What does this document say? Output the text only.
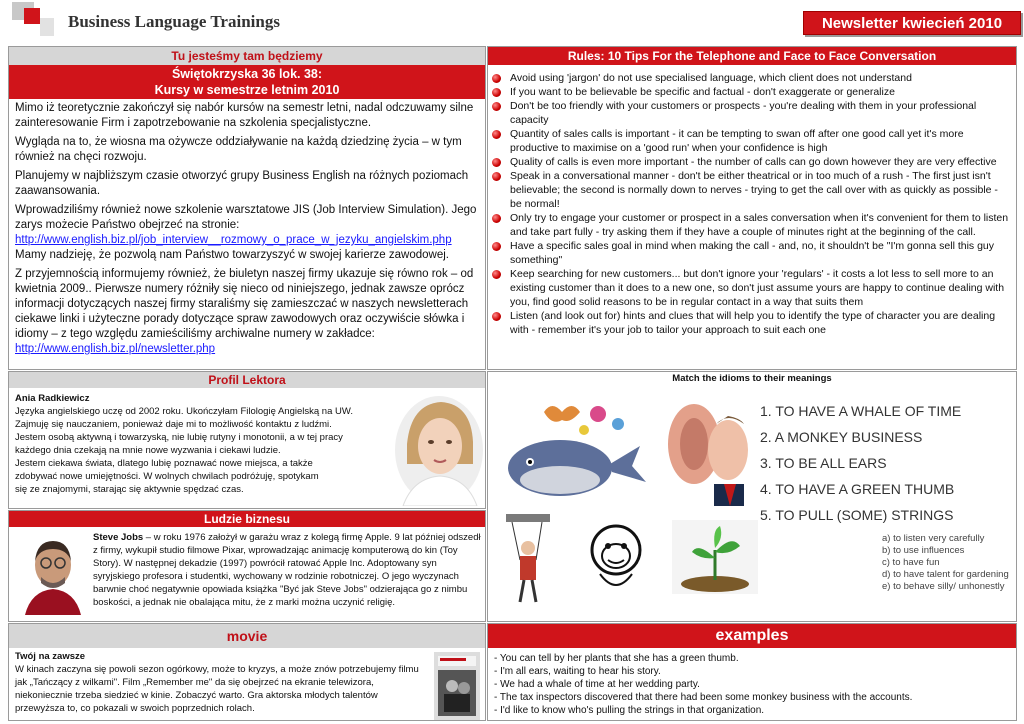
Business Language Trainings	Newsletter kwiecień 2010
Tu jesteśmy tam będziemy
Świętokrzyska 36 lok. 38:
Kursy w semestrze letnim 2010

Mimo iż teoretycznie zakończył się nabór kursów na semestr letni, nadal odczuwamy silne zainteresowanie Firm i zapotrzebowanie na szkolenia specjalistyczne.

Wygląda na to, że wiosna ma ożywcze oddziaływanie na każdą dziedzinę życia – w tym również na chęci rozwoju.

Planujemy w najbliższym czasie otworzyć grupy Business English na różnych poziomach zaawansowania.

Wprowadziliśmy również nowe szkolenie warsztatowe JIS (Job Interview Simulation). Jego zarys możecie Państwo obejrzeć na stronie:
http://www.english.biz.pl/job_interview__rozmowy_o_prace_w_jezyku_angielskim.php
Mamy nadzieję, że pozwolą nam Państwo towarzyszyć w swojej karierze zawodowej.

Z przyjemnością informujemy również, że biuletyn naszej firmy ukazuje się równo rok – od kwietnia 2009.. Pierwsze numery różniły się nieco od niniejszego, jednak zawsze oprócz informacji dotyczących naszej firmy staraliśmy się zamieszczać w naszych newsletterach ciekawe linki i użyteczne porady dotyczące spraw zawodowych oraz oczywiście słówka i idiomy – z tego względu zamieściliśmy archiwalne numery w zakładce: http://www.english.biz.pl/newsletter.php

Rules: 10 Tips For the Telephone and Face to Face Conversation
Avoid using 'jargon' do not use specialised language, which client does not understand
If you want to be believable be specific and factual - don't exaggerate or generalize
Don't be too friendly with your customers or prospects - you're dealing with them in your professional capacity
Quantity of sales calls is important - it can be tempting to swan off after one good call yet it's more productive to maximise on a 'good run' when your confidence is high
Quality of calls is even more important - the number of calls can go down however they are very effective
Speak in a conversational manner - don't be either theatrical or in too much of a rush - The first just isn't believable; the second is normally down to nerves - trying to get the call over with as quickly as possible - be normal!
Only try to engage your customer or prospect in a sales conversation when it's convenient for them to listen and take part fully - try asking them if they have a couple of minutes right at the beginning of the call.
Have a specific sales goal in mind when making the call - and, no, it shouldn't be "I'm gonna sell this guy something"
Keep searching for new customers... but don't ignore your 'regulars' - it costs a lot less to sell more to an existing customer than it does to a new one, so don't just assume yours are happy to continue dealing with you, find good solid reasons to be in regular contact in a way that suits them
Listen (and look out for) hints and clues that will help you to identify the type of character you are dealing with - remember it's your job to tailor your approach to suit each one
Profil Lektora
Ania Radkiewicz
Języka angielskiego uczę od 2002 roku. Ukończyłam Filologię Angielską na UW.
Zajmuję się nauczaniem, ponieważ daje mi to możliwość kontaktu z ludźmi.
Jestem osobą aktywną i towarzyską, nie lubię rutyny i monotonii, a w tej pracy
każdego dnia czekają na mnie nowe wyzwania i ciekawi ludzie.
Jestem ciekawa świata, dlatego lubię poznawać nowe miejsca, a także
zdobywać nowe umiejętności. W wolnych chwilach podróżuję, spotykam
się ze znajomymi, starając się aktywnie spędzać czas.
Ludzie biznesu
Steve Jobs – w roku 1976 założył w garażu wraz z kolegą firmę Apple. 9 lat później odszedł z firmy, wykupił studio filmowe Pixar, wprowadzając animację komputerową do kin (Toy Story). W następnej dekadzie (1997) powrócił ratować Apple Inc. Adoptowany syn syryjskiego profesora i studentki, wychowany w rodzinie robotniczej. O jego wyczynach barwnie choć negatywnie opowiada książka "Być jak Steve Jobs" odzierająca go z nimbu boskości, a jednak nie obalająca mitu, że z marki można uczynić religię.
Match the idioms to their meanings
1. TO HAVE A WHALE OF TIME
2. A MONKEY BUSINESS
3. TO BE ALL EARS
4. TO HAVE A GREEN THUMB
5. TO PULL (SOME) STRINGS
a) to listen very carefully
b) to use influences
c) to have fun
d) to have talent for gardening
e) to behave silly/ unhonestly
movie
Twój na zawsze
W kinach zaczyna się powoli sezon ogórkowy, może to kryzys, a może znów potrzebujemy filmu jak „Tańczący z wilkami". Film „Remember me" da się obejrzeć na ekranie telewizora, niekoniecznie trzeba siedzieć w kinie. Zobaczyć warto. Gra aktorska młodych talentów przewyższa to, co pokazali w swoich poprzednich rolach.
examples
- You can tell by her plants that she has a green thumb.
- I'm all ears, waiting to hear his story.
- We had a whale of time at her wedding party.
- The tax inspectors discovered that there had been some monkey business with the accounts.
- I'd like to know who's pulling the strings in that organization.
